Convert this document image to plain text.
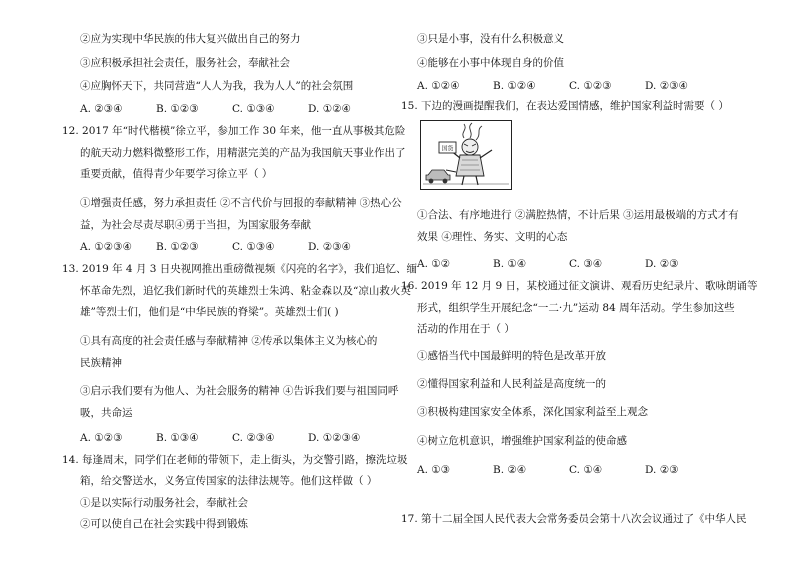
②应为实现中华民族的伟大复兴做出自己的努力
③应积极承担社会责任，服务社会，奉献社会
④应胸怀天下，共同营造“人人为我，我为人人”的社会氛围
A. ②③④	B. ①②③	C. ①③④	D. ①②④
12. 2017 年“时代楷模”徐立平，参加工作 30 年来，他一直从事极其危险
的航天动力燃料微整形工作，用精湛完美的产品为我国航天事业作出了
重要贡献，值得青少年要学习徐立平（ ）
①增强责任感，努力承担责任 ②不言代价与回报的奉献精神 ③热心公
益，为社会尽责尽职④勇于当担，为国家服务奉献
A. ①②③④ B. ①②③	C. ①③④	D. ②③④
13. 2019 年 4 月 3 日央视网推出重磅微视频《闪亮的名字》，我们追忆、缅
怀革命先烈，追忆我们新时代的英雄烈士朱鸿、粘金森以及“凉山救火英
雄”等烈士们，他们是“中华民族的脊梁”。英雄烈士们( )
①具有高度的社会责任感与奉献精神 ②传承以集体主义为核心的
民族精神
③启示我们要有为他人、为社会服务的精神 ④告诉我们要与祖国同呼
吸，共命运
A. ①②③	B. ①③④	C. ②③④	D. ①②③④
14. 每逢周末，同学们在老师的带领下，走上街头，为交警引路，擦洗垃圾
箱，给交警送水，义务宣传国家的法律法规等。他们这样做（ ）
①是以实际行动服务社会，奉献社会
②可以使自己在社会实践中得到锻炼
③只是小事，没有什么积极意义
④能够在小事中体现自身的价值
A. ①②④	B. ①②④	C. ①②③	D. ②③④
15. 下边的漫画提醒我们，在表达爱国情感，维护国家利益时需要（ ）
国货
①合法、有序地进行 ②满腔热情，不计后果 ③运用最极端的方式才有
效果 ④理性、务实、文明的心态
A. ①②	B. ①④	C. ③④	D. ②③
16. 2019 年 12 月 9 日，某校通过征文演讲、观看历史纪录片、歌咏朗诵等
形式，组织学生开展纪念“一二·九”运动 84 周年活动。学生参加这些
活动的作用在于（ ）
①感悟当代中国最鲜明的特色是改革开放
②懂得国家利益和人民利益是高度统一的
③积极构建国家安全体系，深化国家利益至上观念
④树立危机意识，增强维护国家利益的使命感
A. ①③	B. ②④	C. ①④	D. ②③
17. 第十二届全国人民代表大会常务委员会第十八次会议通过了《中华人民
